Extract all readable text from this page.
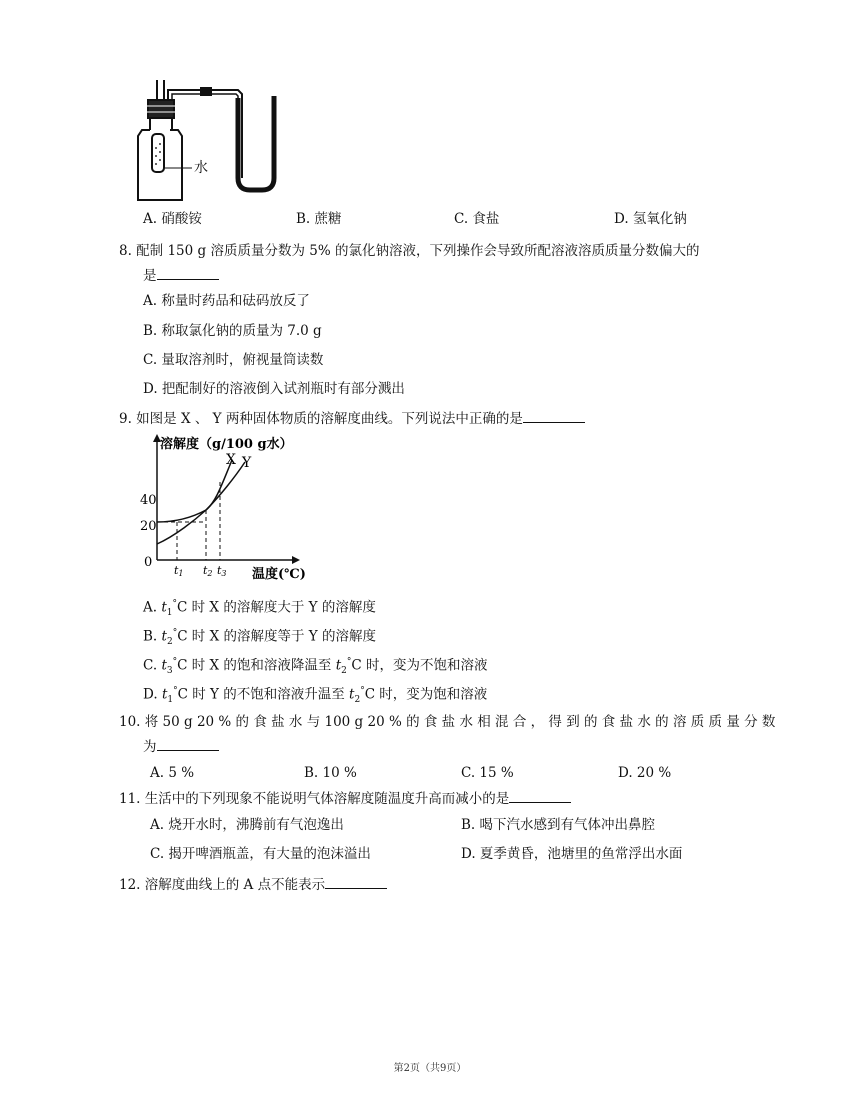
水
A. 硝酸铵	B. 蔗糖	C. 食盐	D. 氢氧化钠
8. 配制 150 g 溶质质量分数为 5% 的氯化钠溶液，下列操作会导致所配溶液溶质质量分数偏大的
是
A. 称量时药品和砝码放反了
B. 称取氯化钠的质量为 7.0 g
C. 量取溶剂时，俯视量筒读数
D. 把配制好的溶液倒入试剂瓶时有部分溅出
9. 如图是 X 、 Y 两种固体物质的溶解度曲线。下列说法中正确的是
溶解度（g/100 g水）
温度(℃)
40
20
0
t1 t2 t3
X Y
A. $t_1^\circ C$ 时 X 的溶解度大于 Y 的溶解度
B. $t_2^\circ C$ 时 X 的溶解度等于 Y 的溶解度
C. $t_3^\circ C$ 时 X 的饱和溶液降温至 $t_2^\circ C$ 时，变为不饱和溶液
D. $t_1^\circ C$ 时 Y 的不饱和溶液升温至 $t_2^\circ C$ 时，变为饱和溶液
10. 将 50 g 20 % 的 食 盐 水 与 100 g 20 % 的 食 盐 水 相 混 合 ， 得 到 的 食 盐 水 的 溶 质 质 量 分 数
为
A. 5 %	B. 10 %	C. 15 %	D. 20 %
11. 生活中的下列现象不能说明气体溶解度随温度升高而减小的是
A. 烧开水时，沸腾前有气泡逸出	B. 喝下汽水感到有气体冲出鼻腔
C. 揭开啤酒瓶盖，有大量的泡沫溢出	D. 夏季黄昏，池塘里的鱼常浮出水面
12. 溶解度曲线上的 A 点不能表示
第2页（共9页）
